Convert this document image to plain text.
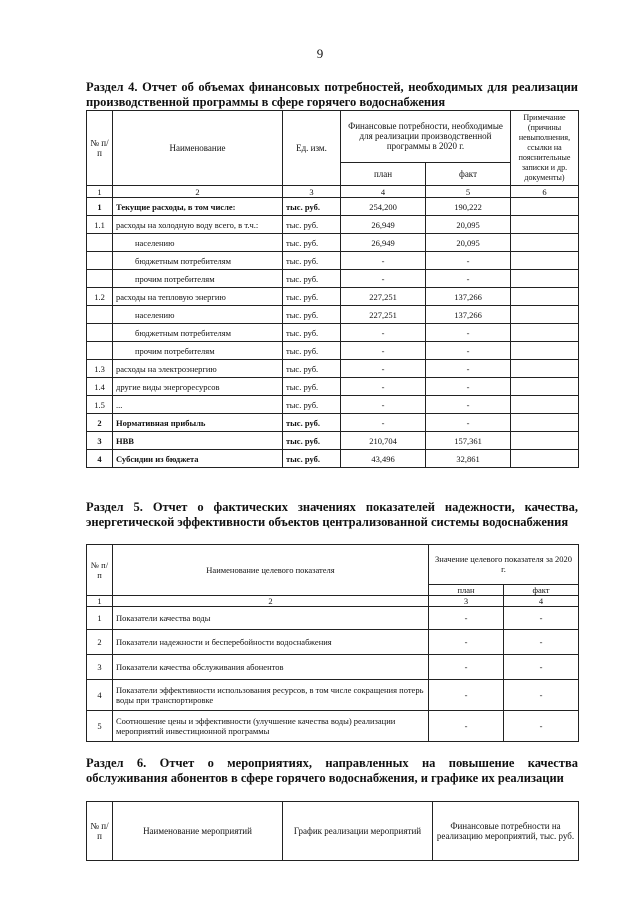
9
Раздел 4. Отчет об объемах финансовых потребностей, необходимых для реализации производственной программы в сфере горячего водоснабжения
№ п/п	Наименование	Ед. изм.	Финансовые потребности, необходимые для реализации производственной программы в 2020 г.		Примечание (причины невыполнения, ссылки на пояснительные записки и др. документы)
			план	факт	
1	2	3	4	5	6
1	Текущие расходы, в том числе:	тыс. руб.	254,200	190,222	
1.1	расходы на холодную воду всего, в т.ч.:	тыс. руб.	26,949	20,095	
	населению	тыс. руб.	26,949	20,095	
	бюджетным потребителям	тыс. руб.	-	-	
	прочим потребителям	тыс. руб.	-	-	
1.2	расходы на тепловую энергию	тыс. руб.	227,251	137,266	
	населению	тыс. руб.	227,251	137,266	
	бюджетным потребителям	тыс. руб.	-	-	
	прочим потребителям	тыс. руб.	-	-	
1.3	расходы на электроэнергию	тыс. руб.	-	-	
1.4	другие виды энергоресурсов	тыс. руб.	-	-	
1.5	...	тыс. руб.	-	-	
2	Нормативная прибыль	тыс. руб.	-	-	
3	НВВ	тыс. руб.	210,704	157,361	
4	Субсидии из бюджета	тыс. руб.	43,496	32,861	
Раздел 5. Отчет о фактических значениях показателей надежности, качества, энергетической эффективности объектов централизованной системы водоснабжения
№ п/п	Наименование целевого показателя	Значение целевого показателя за 2020 г.	
		план	факт
1	2	3	4
1	Показатели качества воды	-	-
2	Показатели надежности и бесперебойности водоснабжения	-	-
3	Показатели качества обслуживания абонентов	-	-
4	Показатели эффективности использования ресурсов, в том числе сокращения потерь воды при транспортировке	-	-
5	Соотношение цены и эффективности (улучшение качества воды) реализации мероприятий инвестиционной программы	-	-
Раздел 6. Отчет о мероприятиях, направленных на повышение качества обслуживания абонентов в сфере горячего водоснабжения, и графике их реализации
№ п/п	Наименование мероприятий	График реализации мероприятий	Финансовые потребности на реализацию мероприятий, тыс. руб.
